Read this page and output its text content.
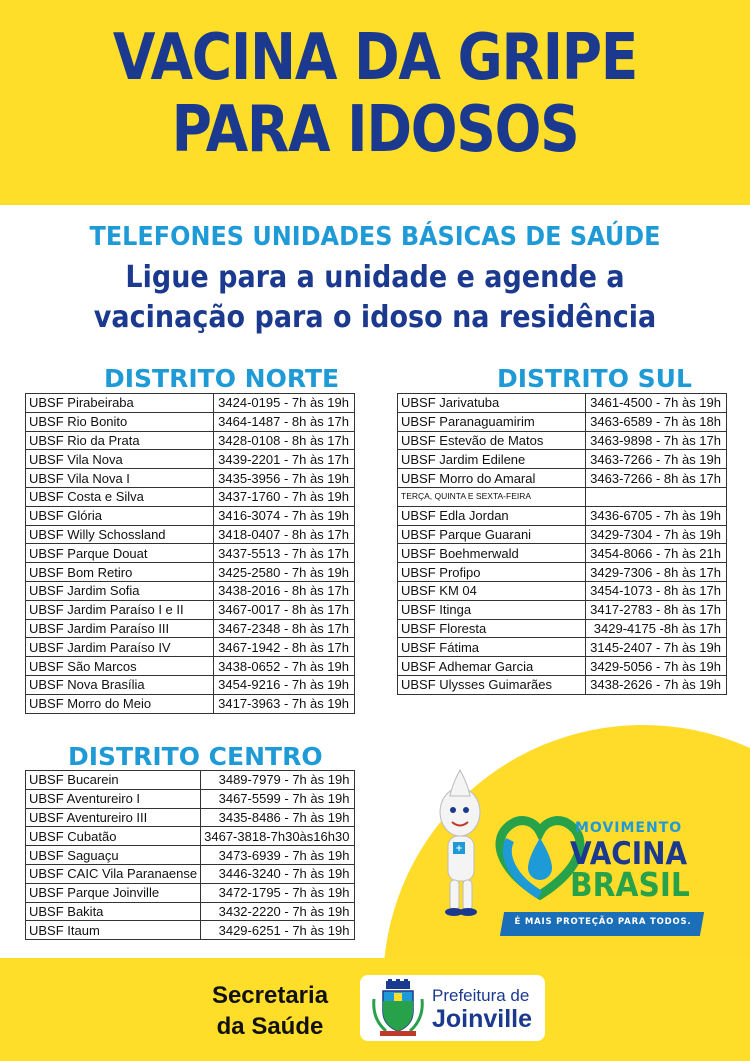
VACINA DA GRIPE
PARA IDOSOS
TELEFONES UNIDADES BÁSICAS DE SAÚDE
Ligue para a unidade e agende a
vacinação para o idoso na residência
DISTRITO NORTE
UBSF Pirabeiraba	3424-0195 - 7h às 19h
UBSF Rio Bonito	3464-1487 - 8h às 17h
UBSF Rio da Prata	3428-0108 - 8h às 17h
UBSF Vila Nova	3439-2201 - 7h às 17h
UBSF Vila Nova I	3435-3956 - 7h às 19h
UBSF Costa e Silva	3437-1760 - 7h às 19h
UBSF Glória	3416-3074 - 7h às 19h
UBSF Willy Schossland	3418-0407 - 8h às 17h
UBSF Parque Douat	3437-5513 - 7h às 17h
UBSF Bom Retiro	3425-2580 - 7h às 19h
UBSF Jardim Sofia	3438-2016 - 8h às 17h
UBSF Jardim Paraíso I e II	3467-0017 - 8h às 17h
UBSF Jardim Paraíso III	3467-2348 - 8h às 17h
UBSF Jardim Paraíso IV	3467-1942 - 8h às 17h
UBSF São Marcos	3438-0652 - 7h às 19h
UBSF Nova Brasília	3454-9216 - 7h às 19h
UBSF Morro do Meio	3417-3963 - 7h às 19h
DISTRITO SUL
UBSF Jarivatuba	3461-4500 - 7h às 19h
UBSF Paranaguamirim	3463-6589 - 7h às 18h
UBSF Estevão de Matos	3463-9898 - 7h às 17h
UBSF Jardim Edilene	3463-7266 - 7h às 19h
UBSF Morro do Amaral	3463-7266 - 8h às 17h
TERÇA, QUINTA E SEXTA-FEIRA	
UBSF Edla Jordan	3436-6705 - 7h às 19h
UBSF Parque Guarani	3429-7304 - 7h às 19h
UBSF Boehmerwald	3454-8066 - 7h às 21h
UBSF Profipo	3429-7306 - 8h às 17h
UBSF KM 04	3454-1073 - 8h às 17h
UBSF Itinga	3417-2783 - 8h às 17h
UBSF Floresta	3429-4175 -8h às 17h
UBSF Fátima	3145-2407 - 7h às 19h
UBSF Adhemar Garcia	3429-5056 - 7h às 19h
UBSF Ulysses Guimarães	3438-2626 - 7h às 19h
DISTRITO CENTRO
UBSF Bucarein	3489-7979 - 7h às 19h
UBSF Aventureiro I	3467-5599 - 7h às 19h
UBSF Aventureiro III	3435-8486 - 7h às 19h
UBSF Cubatão	3467-3818-7h30às16h30
UBSF Saguaçu	3473-6939 - 7h às 19h
UBSF CAIC Vila Paranaense	3446-3240 - 7h às 19h
UBSF Parque Joinville	3472-1795 - 7h às 19h
UBSF Bakita	3432-2220 - 7h às 19h
UBSF Itaum	3429-6251 - 7h às 19h
+
MOVIMENTO
VACINA
BRASIL
É MAIS PROTEÇÃO PARA TODOS.
Secretaria
da Saúde
Prefeitura de
Joinville
